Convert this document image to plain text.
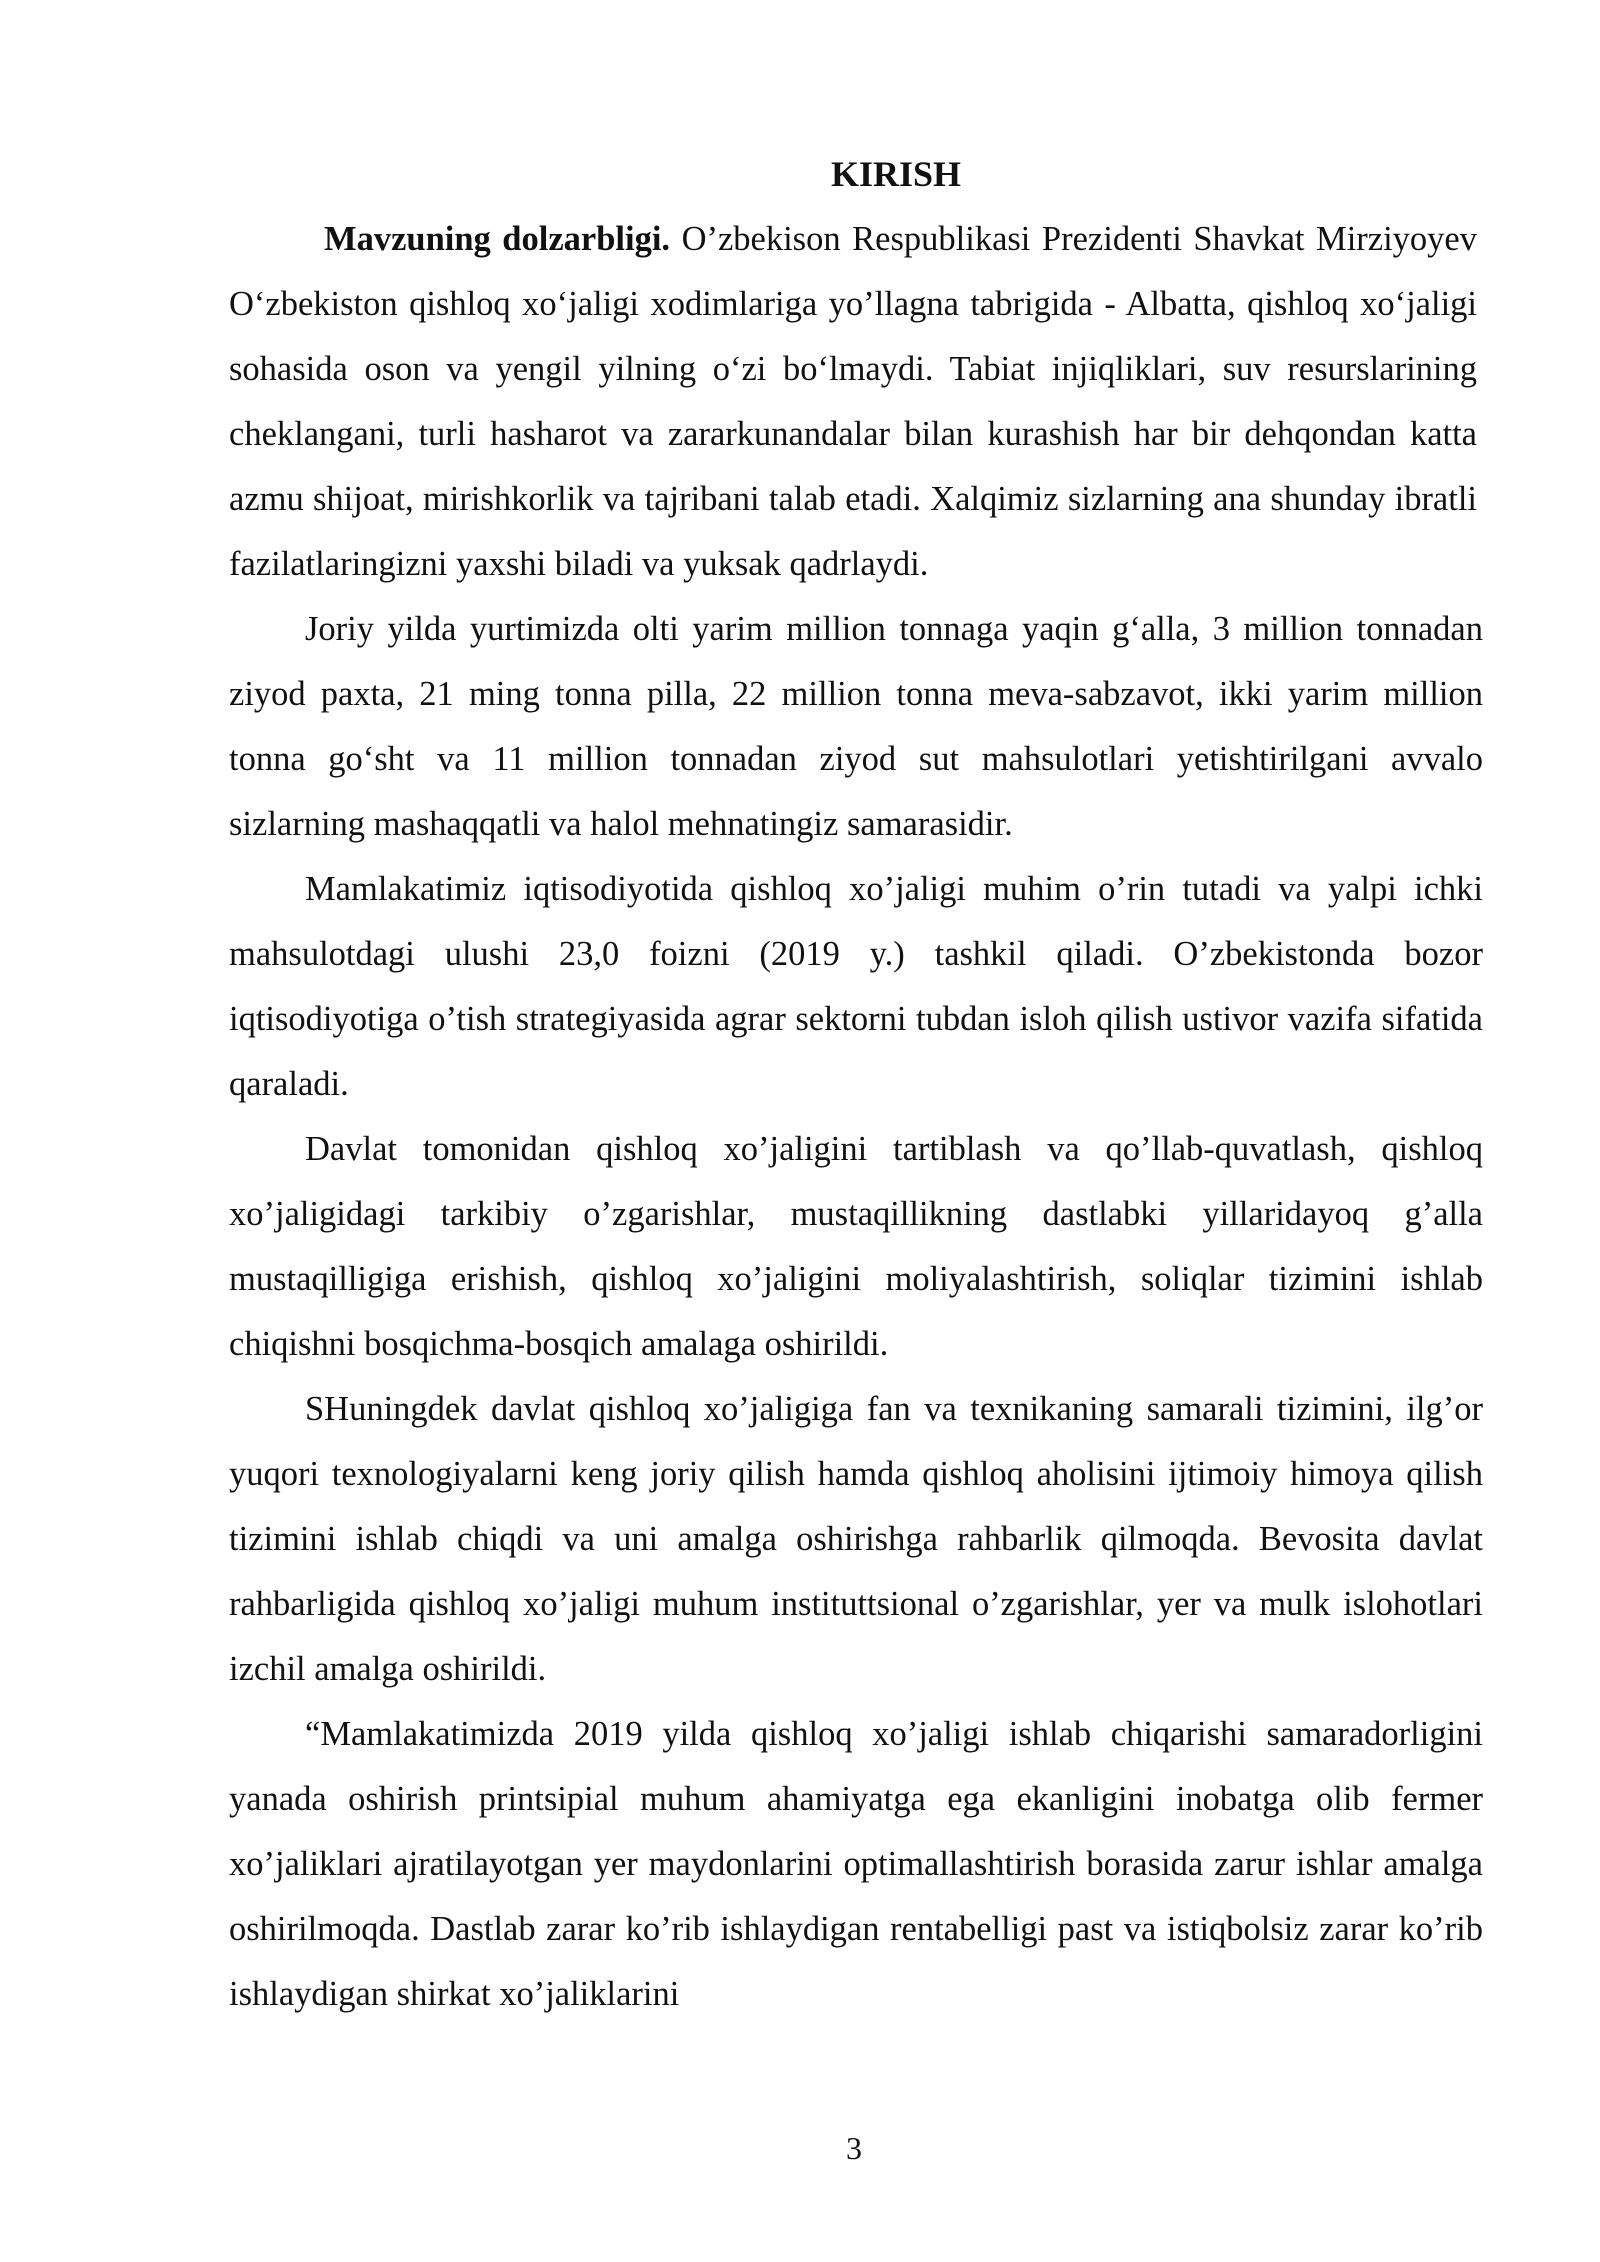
KIRISH

Mavzuning dolzarbligi. O’zbekison Respublikasi Prezidenti Shavkat Mirziyoyev O‘zbekiston qishloq xo‘jaligi xodimlariga yo’llagna tabrigida - Albatta, qishloq xo‘jaligi sohasida oson va yengil yilning o‘zi bo‘lmaydi. Tabiat injiqliklari, suv resurslarining cheklangani, turli hasharot va zararkunandalar bilan kurashish har bir dehqondan katta azmu shijoat, mirishkorlik va tajribani talab etadi. Xalqimiz sizlarning ana shunday ibratli fazilatlaringizni yaxshi biladi va yuksak qadrlaydi.

Joriy yilda yurtimizda olti yarim million tonnaga yaqin g‘alla, 3 million tonnadan ziyod paxta, 21 ming tonna pilla, 22 million tonna meva-sabzavot, ikki yarim million tonna go‘sht va 11 million tonnadan ziyod sut mahsulotlari yetishtirilgani avvalo sizlarning mashaqqatli va halol mehnatingiz samarasidir.

Mamlakatimiz iqtisodiyotida qishloq xo’jaligi muhim o’rin tutadi va yalpi ichki mahsulotdagi ulushi 23,0 foizni (2019 y.) tashkil qiladi. O’zbekistonda bozor iqtisodiyotiga o’tish strategiyasida agrar sektorni tubdan isloh qilish ustivor vazifa sifatida qaraladi.

Davlat tomonidan qishloq xo’jaligini tartiblash va qo’llab-quvatlash, qishloq xo’jaligidagi tarkibiy o’zgarishlar, mustaqillikning dastlabki yillaridayoq g’alla mustaqilligiga erishish, qishloq xo’jaligini moliyalashtirish, soliqlar tizimini ishlab chiqishni bosqichma-bosqich amalaga oshirildi.

SHuningdek davlat qishloq xo’jaligiga fan va texnikaning samarali tizimini, ilg’or yuqori texnologiyalarni keng joriy qilish hamda qishloq aholisini ijtimoiy himoya qilish tizimini ishlab chiqdi va uni amalga oshirishga rahbarlik qilmoqda. Bevosita davlat rahbarligida qishloq xo’jaligi muhum instituttsional o’zgarishlar, yer va mulk islohotlari izchil amalga oshirildi.

“Mamlakatimizda 2019 yilda qishloq xo’jaligi ishlab chiqarishi samaradorligini yanada oshirish printsipial muhum ahamiyatga ega ekanligini inobatga olib fermer xo’jaliklari ajratilayotgan yer maydonlarini optimallashtirish borasida zarur ishlar amalga oshirilmoqda. Dastlab zarar ko’rib ishlaydigan rentabelligi past va istiqbolsiz zarar ko’rib ishlaydigan shirkat xo’jaliklarini

3
